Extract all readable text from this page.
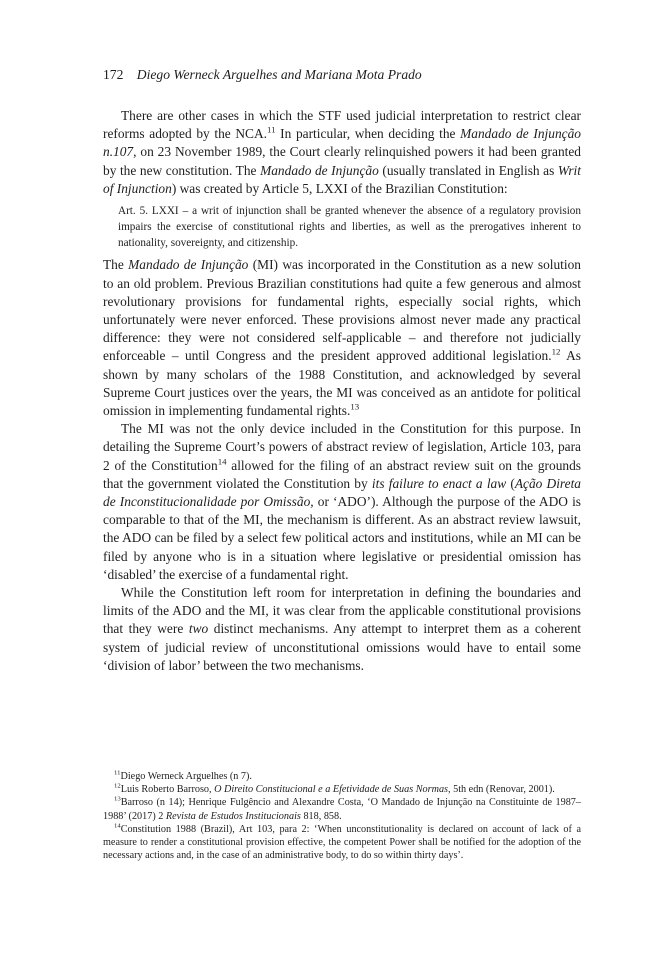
172 Diego Werneck Arguelhes and Mariana Mota Prado

There are other cases in which the STF used judicial interpretation to restrict clear reforms adopted by the NCA.$^{11}$ In particular, when deciding the Mandado de Injunção n.107, on 23 November 1989, the Court clearly relinquished powers it had been granted by the new constitution. The Mandado de Injunção (usually translated in English as Writ of Injunction) was created by Article 5, LXXI of the Brazilian Constitution:

Art. 5. LXXI – a writ of injunction shall be granted whenever the absence of a regulatory provision impairs the exercise of constitutional rights and liberties, as well as the prerogatives inherent to nationality, sovereignty, and citizenship.

The Mandado de Injunção (MI) was incorporated in the Constitution as a new solution to an old problem. Previous Brazilian constitutions had quite a few generous and almost revolutionary provisions for fundamental rights, especially social rights, which unfortunately were never enforced. These provisions almost never made any practical difference: they were not considered self-applicable – and therefore not judicially enforceable – until Congress and the president approved additional legislation.$^{12}$ As shown by many scholars of the 1988 Constitution, and acknowledged by several Supreme Court justices over the years, the MI was conceived as an antidote for political omission in implementing fundamental rights.$^{13}$

The MI was not the only device included in the Constitution for this purpose. In detailing the Supreme Court’s powers of abstract review of legislation, Article 103, para 2 of the Constitution$^{14}$ allowed for the filing of an abstract review suit on the grounds that the government violated the Constitution by its failure to enact a law (Ação Direta de Inconstitucionalidade por Omissão, or ‘ADO’). Although the purpose of the ADO is comparable to that of the MI, the mechanism is different. As an abstract review lawsuit, the ADO can be filed by a select few political actors and institutions, while an MI can be filed by anyone who is in a situation where legislative or presidential omission has ‘disabled’ the exercise of a fundamental right.

While the Constitution left room for interpretation in defining the boundaries and limits of the ADO and the MI, it was clear from the applicable constitutional provisions that they were two distinct mechanisms. Any attempt to interpret them as a coherent system of judicial review of unconstitutional omissions would have to entail some ‘division of labor’ between the two mechanisms.

$^{11}$Diego Werneck Arguelhes (n 7).

$^{12}$Luis Roberto Barroso, O Direito Constitucional e a Efetividade de Suas Normas, 5th edn (Renovar, 2001).

$^{13}$Barroso (n 14); Henrique Fulgêncio and Alexandre Costa, ‘O Mandado de Injunção na Constituinte de 1987–1988’ (2017) 2 Revista de Estudos Institucionais 818, 858.

$^{14}$Constitution 1988 (Brazil), Art 103, para 2: ‘When unconstitutionality is declared on account of lack of a measure to render a constitutional provision effective, the competent Power shall be notified for the adoption of the necessary actions and, in the case of an administrative body, to do so within thirty days’.
